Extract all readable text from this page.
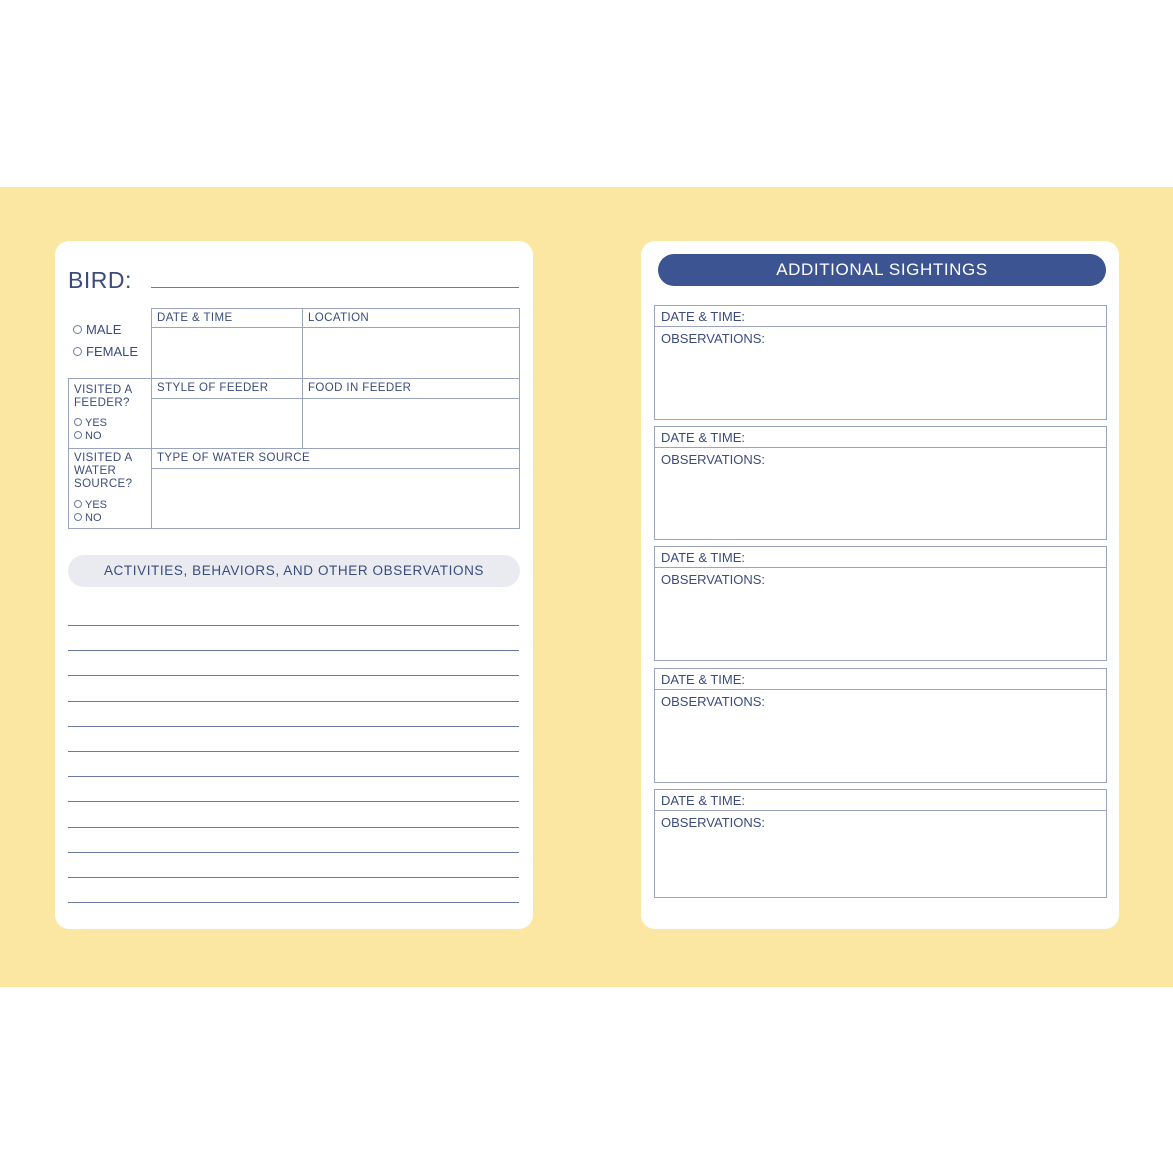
BIRD:
MALE
FEMALE
DATE & TIME	LOCATION
VISITED A FEEDER?
YES
NO
STYLE OF FEEDER	FOOD IN FEEDER
VISITED A WATER SOURCE?
YES
NO
TYPE OF WATER SOURCE
ACTIVITIES, BEHAVIORS, AND OTHER OBSERVATIONS
ADDITIONAL SIGHTINGS
DATE & TIME:
OBSERVATIONS:
DATE & TIME:
OBSERVATIONS:
DATE & TIME:
OBSERVATIONS:
DATE & TIME:
OBSERVATIONS:
DATE & TIME:
OBSERVATIONS:
